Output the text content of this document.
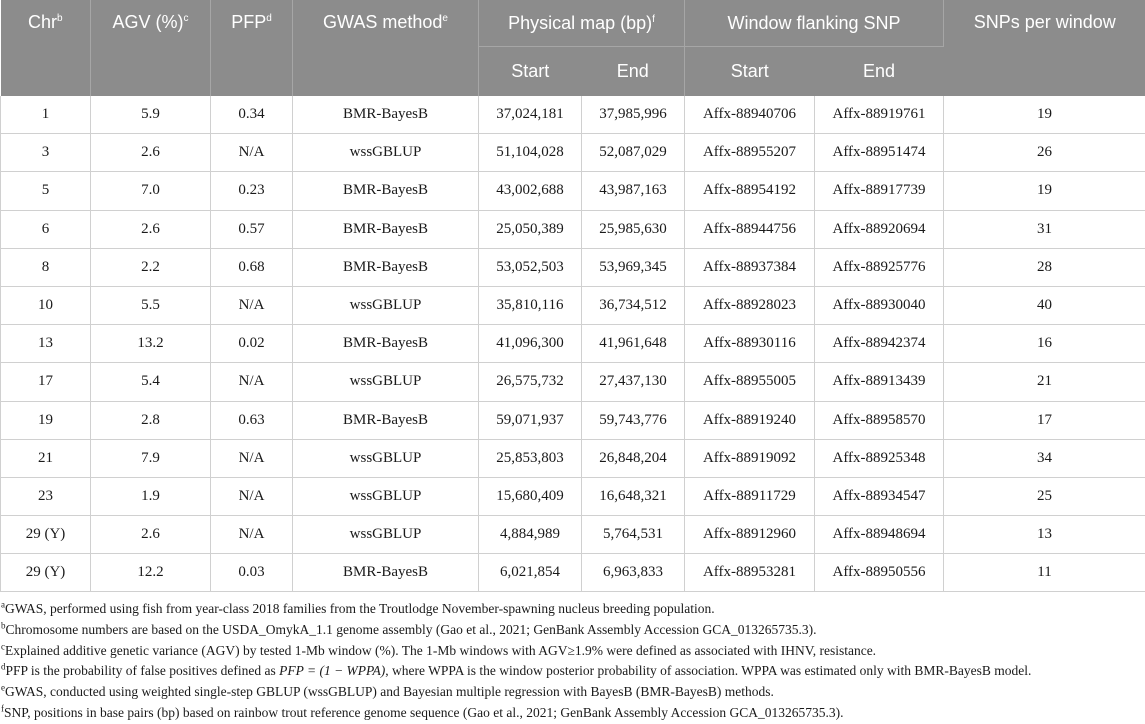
Chr$^b$	AGV (%)$^c$	PFP$^d$	GWAS method$^e$	Physical map (bp)$^f$		Window flanking SNP		SNPs per window
				Start	End	Start	End	
1	5.9	0.34	BMR-BayesB	37,024,181	37,985,996	Affx-88940706	Affx-88919761	19
3	2.6	N/A	wssGBLUP	51,104,028	52,087,029	Affx-88955207	Affx-88951474	26
5	7.0	0.23	BMR-BayesB	43,002,688	43,987,163	Affx-88954192	Affx-88917739	19
6	2.6	0.57	BMR-BayesB	25,050,389	25,985,630	Affx-88944756	Affx-88920694	31
8	2.2	0.68	BMR-BayesB	53,052,503	53,969,345	Affx-88937384	Affx-88925776	28
10	5.5	N/A	wssGBLUP	35,810,116	36,734,512	Affx-88928023	Affx-88930040	40
13	13.2	0.02	BMR-BayesB	41,096,300	41,961,648	Affx-88930116	Affx-88942374	16
17	5.4	N/A	wssGBLUP	26,575,732	27,437,130	Affx-88955005	Affx-88913439	21
19	2.8	0.63	BMR-BayesB	59,071,937	59,743,776	Affx-88919240	Affx-88958570	17
21	7.9	N/A	wssGBLUP	25,853,803	26,848,204	Affx-88919092	Affx-88925348	34
23	1.9	N/A	wssGBLUP	15,680,409	16,648,321	Affx-88911729	Affx-88934547	25
29 (Y)	2.6	N/A	wssGBLUP	4,884,989	5,764,531	Affx-88912960	Affx-88948694	13
29 (Y)	12.2	0.03	BMR-BayesB	6,021,854	6,963,833	Affx-88953281	Affx-88950556	11
$^a$GWAS, performed using fish from year-class 2018 families from the Troutlodge November-spawning nucleus breeding population.
$^b$Chromosome numbers are based on the USDA_OmykA_1.1 genome assembly (Gao et al., 2021; GenBank Assembly Accession GCA_013265735.3).
$^c$Explained additive genetic variance (AGV) by tested 1-Mb window (%). The 1-Mb windows with AGV≥1.9% were defined as associated with IHNV, resistance.
$^d$PFP is the probability of false positives defined as PFP = (1 − WPPA), where WPPA is the window posterior probability of association. WPPA was estimated only with BMR-BayesB model.
$^e$GWAS, conducted using weighted single-step GBLUP (wssGBLUP) and Bayesian multiple regression with BayesB (BMR-BayesB) methods.
$^f$SNP, positions in base pairs (bp) based on rainbow trout reference genome sequence (Gao et al., 2021; GenBank Assembly Accession GCA_013265735.3).
